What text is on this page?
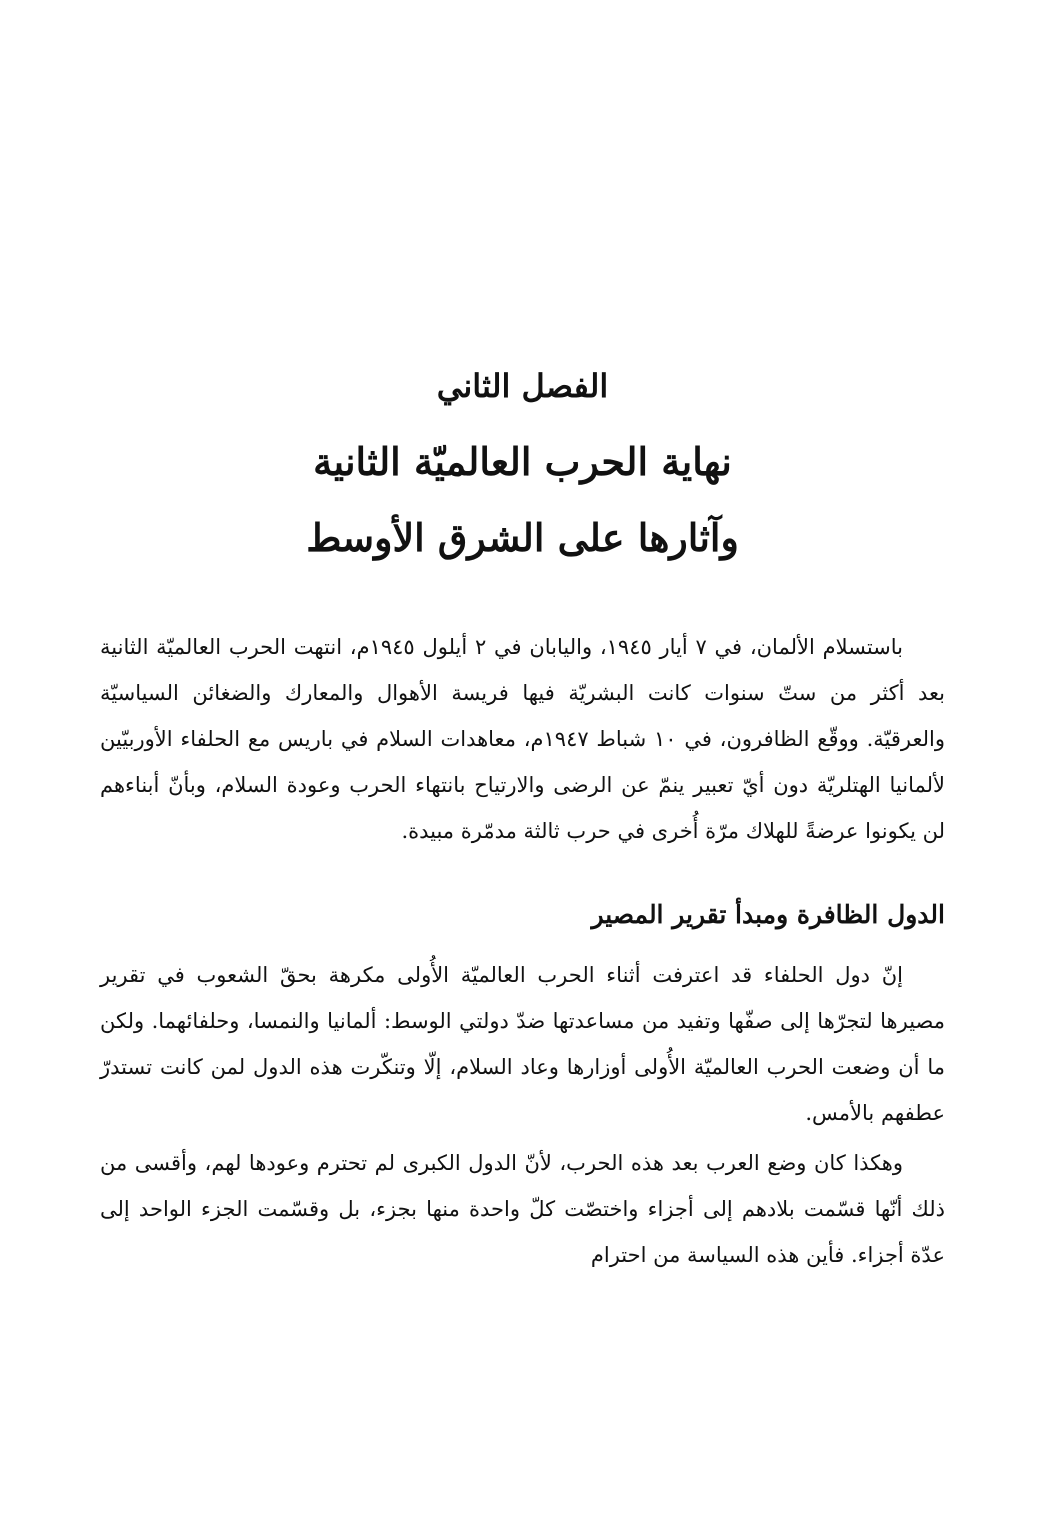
الفصل الثاني
نهاية الحرب العالميّة الثانية
وآثارها على الشرق الأوسط

باستسلام الألمان، في ٧ أيار ١٩٤٥، واليابان في ٢ أيلول ١٩٤٥م، انتهت الحرب العالميّة الثانية بعد أكثر من ستّ سنوات كانت البشريّة فيها فريسة الأهوال والمعارك والضغائن السياسيّة والعرقيّة. ووقّع الظافرون، في ١٠ شباط ١٩٤٧م، معاهدات السلام في باريس مع الحلفاء الأوربيّين لألمانيا الهتلريّة دون أيّ تعبير ينمّ عن الرضى والارتياح بانتهاء الحرب وعودة السلام، وبأنّ أبناءهم لن يكونوا عرضةً للهلاك مرّة أُخرى في حرب ثالثة مدمّرة مبيدة.

الدول الظافرة ومبدأ تقرير المصير

إنّ دول الحلفاء قد اعترفت أثناء الحرب العالميّة الأُولى مكرهة بحقّ الشعوب في تقرير مصيرها لتجرّها إلى صفّها وتفيد من مساعدتها ضدّ دولتي الوسط: ألمانيا والنمسا، وحلفائهما. ولكن ما أن وضعت الحرب العالميّة الأُولى أوزارها وعاد السلام، إلّا وتنكّرت هذه الدول لمن كانت تستدرّ عطفهم بالأمس.

وهكذا كان وضع العرب بعد هذه الحرب، لأنّ الدول الكبرى لم تحترم وعودها لهم، وأقسى من ذلك أنّها قسّمت بلادهم إلى أجزاء واختصّت كلّ واحدة منها بجزء، بل وقسّمت الجزء الواحد إلى عدّة أجزاء. فأين هذه السياسة من احترام
